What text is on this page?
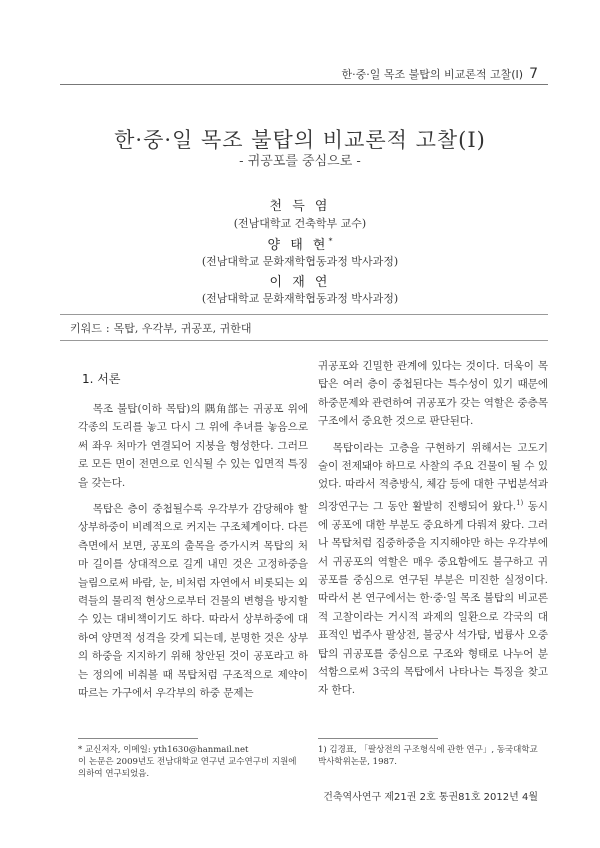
한·중·일 목조 불탑의 비교론적 고찰(Ⅰ) 7
한·중·일 목조 불탑의 비교론적 고찰(Ⅰ)
- 귀공포를 중심으로 -
천 득 염
(전남대학교 건축학부 교수)
양 태 현*
(전남대학교 문화재학협동과정 박사과정)
이 재 연
(전남대학교 문화재학협동과정 박사과정)
키워드 : 목탑, 우각부, 귀공포, 귀한대
1. 서론

목조 불탑(이하 목탑)의 隅角部는 귀공포 위에 각종의 도리를 놓고 다시 그 위에 추녀를 놓음으로써 좌우 처마가 연결되어 지붕을 형성한다. 그러므로 모든 면이 전면으로 인식될 수 있는 입면적 특징을 갖는다.

목탑은 층이 중첩될수록 우각부가 감당해야 할 상부하중이 비례적으로 커지는 구조체계이다. 다른 측면에서 보면, 공포의 출목을 증가시켜 목탑의 처마 길이를 상대적으로 길게 내민 것은 고정하중을 늘림으로써 바람, 눈, 비처럼 자연에서 비롯되는 외력들의 물리적 현상으로부터 건물의 변형을 방지할 수 있는 대비책이기도 하다. 따라서 상부하중에 대하여 양면적 성격을 갖게 되는데, 분명한 것은 상부의 하중을 지지하기 위해 창안된 것이 공포라고 하는 정의에 비춰볼 때 목탑처럼 구조적으로 제약이 따르는 가구에서 우각부의 하중 문제는

귀공포와 긴밀한 관계에 있다는 것이다. 더욱이 목탑은 여러 층이 중첩된다는 특수성이 있기 때문에 하중문제와 관련하여 귀공포가 갖는 역할은 중층목구조에서 중요한 것으로 판단된다.

목탑이라는 고층을 구현하기 위해서는 고도기술이 전제돼야 하므로 사찰의 주요 건물이 될 수 있었다. 따라서 적층방식, 체감 등에 대한 구법분석과 의장연구는 그 동안 활발히 진행되어 왔다.$^{1)}$ 동시에 공포에 대한 부분도 중요하게 다뤄져 왔다. 그러나 목탑처럼 집중하중을 지지해야만 하는 우각부에서 귀공포의 역할은 매우 중요함에도 불구하고 귀공포를 중심으로 연구된 부분은 미진한 실정이다. 따라서 본 연구에서는 한·중·일 목조 불탑의 비교론적 고찰이라는 거시적 과제의 일환으로 각국의 대표적인 법주사 팔상전, 불궁사 석가탑, 법륭사 오중탑의 귀공포를 중심으로 구조와 형태로 나누어 분석함으로써 3국의 목탑에서 나타나는 특징을 찾고자 한다.

* 교신저자, 이메일: yth1630@hanmail.net
이 논문은 2009년도 전남대학교 연구년 교수연구비 지원에 의하여 연구되었음.
1) 김경표, 「팔상전의 구조형식에 관한 연구」, 동국대학교 박사학위논문, 1987.
건축역사연구 제21권 2호 통권81호 2012년 4월
